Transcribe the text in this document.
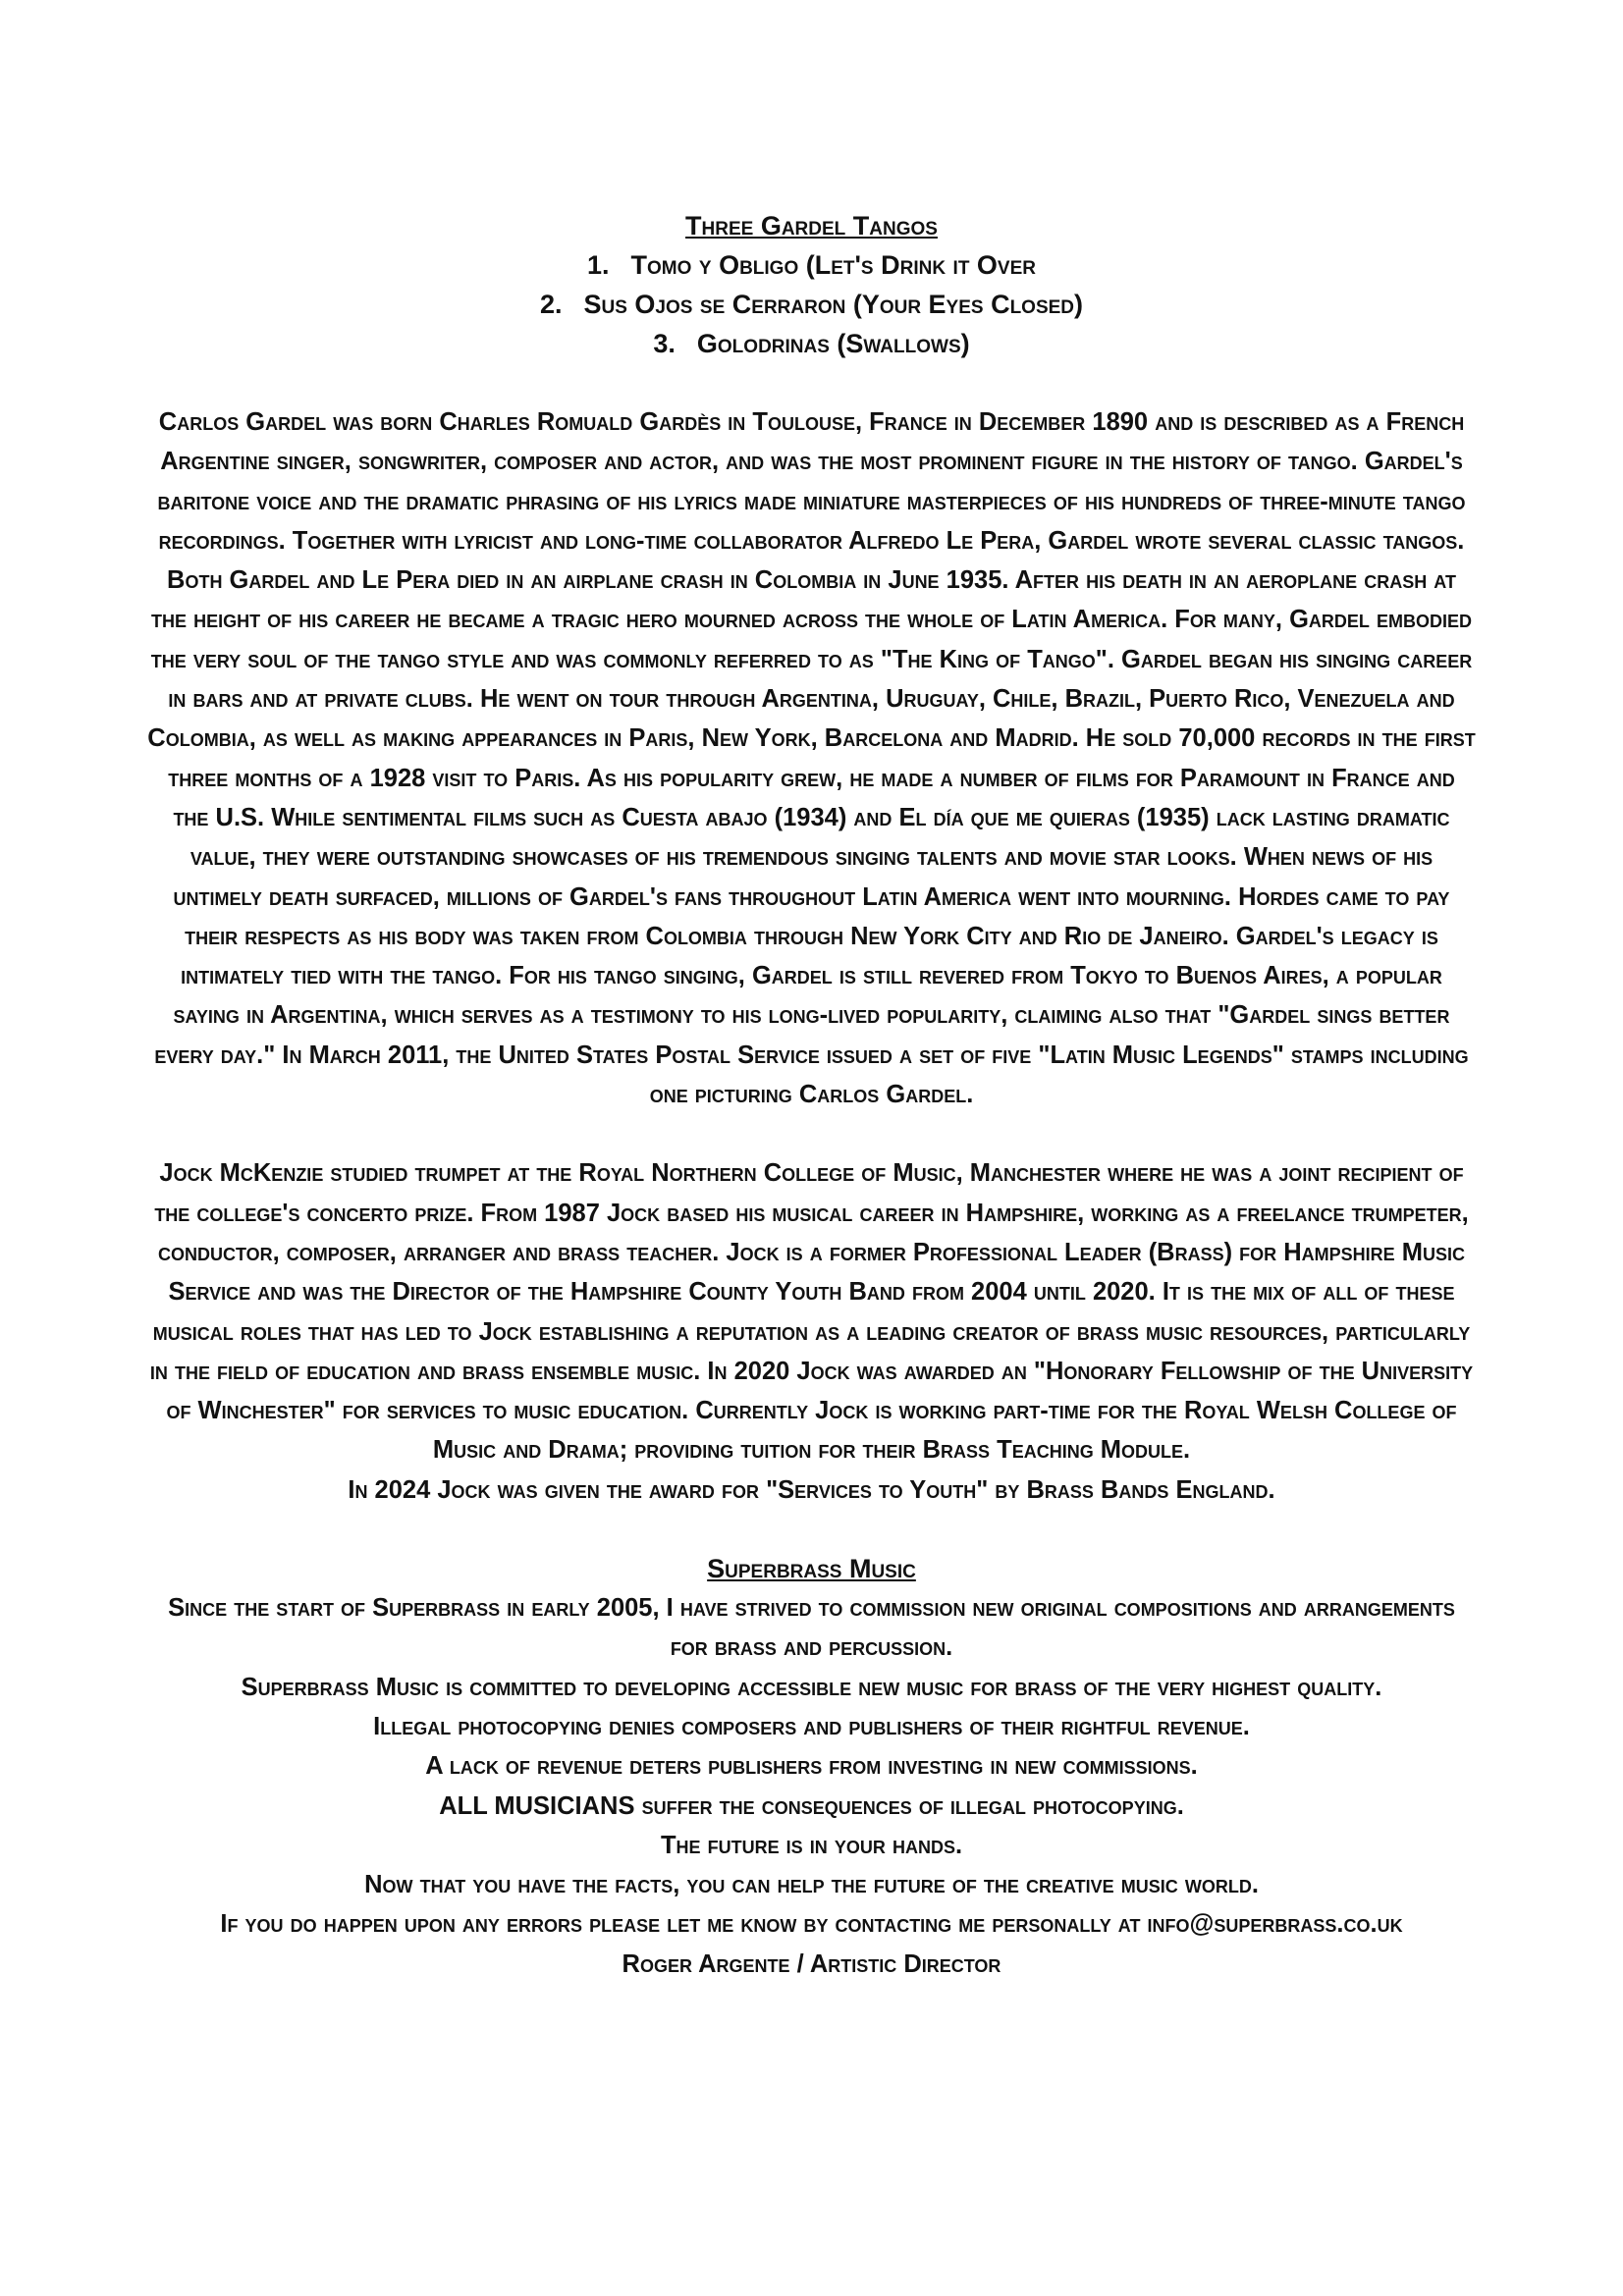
Three Gardel Tangos

1. Tomo y Obligo (Let's Drink it Over
2. Sus Ojos se Cerraron (Your Eyes Closed)
3. Golodrinas (Swallows)

Carlos Gardel was born Charles Romuald Gardès in Toulouse, France in December 1890 and is described as a French Argentine singer, songwriter, composer and actor, and was the most prominent figure in the history of tango. Gardel's baritone voice and the dramatic phrasing of his lyrics made miniature masterpieces of his hundreds of three-minute tango recordings. Together with lyricist and long-time collaborator Alfredo Le Pera, Gardel wrote several classic tangos. Both Gardel and Le Pera died in an airplane crash in Colombia in June 1935. After his death in an aeroplane crash at the height of his career he became a tragic hero mourned across the whole of Latin America. For many, Gardel embodied the very soul of the tango style and was commonly referred to as "The King of Tango". Gardel began his singing career in bars and at private clubs. He went on tour through Argentina, Uruguay, Chile, Brazil, Puerto Rico, Venezuela and Colombia, as well as making appearances in Paris, New York, Barcelona and Madrid. He sold 70,000 records in the first three months of a 1928 visit to Paris. As his popularity grew, he made a number of films for Paramount in France and the U.S. While sentimental films such as Cuesta abajo (1934) and El día que me quieras (1935) lack lasting dramatic value, they were outstanding showcases of his tremendous singing talents and movie star looks. When news of his untimely death surfaced, millions of Gardel's fans throughout Latin America went into mourning. Hordes came to pay their respects as his body was taken from Colombia through New York City and Rio de Janeiro. Gardel's legacy is intimately tied with the tango. For his tango singing, Gardel is still revered from Tokyo to Buenos Aires, a popular saying in Argentina, which serves as a testimony to his long-lived popularity, claiming also that "Gardel sings better every day." In March 2011, the United States Postal Service issued a set of five "Latin Music Legends" stamps including one picturing Carlos Gardel.

Jock McKenzie studied trumpet at the Royal Northern College of Music, Manchester where he was a joint recipient of the college's concerto prize. From 1987 Jock based his musical career in Hampshire, working as a freelance trumpeter, conductor, composer, arranger and brass teacher. Jock is a former Professional Leader (Brass) for Hampshire Music Service and was the Director of the Hampshire County Youth Band from 2004 until 2020. It is the mix of all of these musical roles that has led to Jock establishing a reputation as a leading creator of brass music resources, particularly in the field of education and brass ensemble music. In 2020 Jock was awarded an "Honorary Fellowship of the University of Winchester" for services to music education. Currently Jock is working part-time for the Royal Welsh College of Music and Drama; providing tuition for their Brass Teaching Module.

In 2024 Jock was given the award for "Services to Youth" by Brass Bands England.

Superbrass Music

Since the start of Superbrass in early 2005, I have strived to commission new original compositions and arrangements for brass and percussion.

Superbrass Music is committed to developing accessible new music for brass of the very highest quality.

Illegal photocopying denies composers and publishers of their rightful revenue.

A lack of revenue deters publishers from investing in new commissions.

ALL MUSICIANS suffer the consequences of illegal photocopying.

The future is in your hands.

Now that you have the facts, you can help the future of the creative music world.

If you do happen upon any errors please let me know by contacting me personally at info@superbrass.co.uk

Roger Argente / Artistic Director
